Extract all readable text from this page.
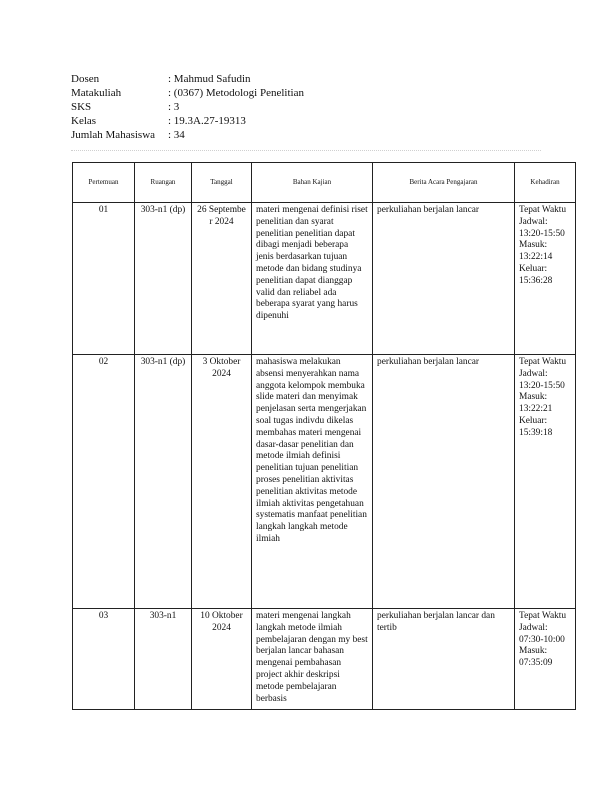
Dosen	: Mahmud Safudin
Matakuliah	: (0367) Metodologi Penelitian
SKS	: 3
Kelas	: 19.3A.27-19313
Jumlah Mahasiswa	: 34
Pertemuan	Ruangan	Tanggal	Bahan Kajian	Berita Acara Pengajaran	Kehadiran
01	303-n1 (dp)	26 Septembe r 2024	materi mengenai definisi riset penelitian dan syarat penelitian penelitian dapat dibagi menjadi beberapa jenis berdasarkan tujuan metode dan bidang studinya penelitian dapat dianggap valid dan reliabel ada beberapa syarat yang harus dipenuhi	perkuliahan berjalan lancar	Tepat Waktu Jadwal: 13:20-15:50 Masuk: 13:22:14 Keluar: 15:36:28
02	303-n1 (dp)	3 Oktober 2024	mahasiswa melakukan absensi menyerahkan nama anggota kelompok membuka slide materi dan menyimak penjelasan serta mengerjakan soal tugas indivdu dikelas membahas materi mengenai dasar-dasar penelitian dan metode ilmiah definisi penelitian tujuan penelitian proses penelitian aktivitas penelitian aktivitas metode ilmiah aktivitas pengetahuan systematis manfaat penelitian langkah langkah metode ilmiah	perkuliahan berjalan lancar	Tepat Waktu Jadwal: 13:20-15:50 Masuk: 13:22:21 Keluar: 15:39:18
03	303-n1	10 Oktober 2024	materi mengenai langkah langkah metode ilmiah pembelajaran dengan my best berjalan lancar bahasan mengenai pembahasan project akhir deskripsi metode pembelajaran berbasis	perkuliahan berjalan lancar dan tertib	Tepat Waktu Jadwal: 07:30-10:00 Masuk: 07:35:09
